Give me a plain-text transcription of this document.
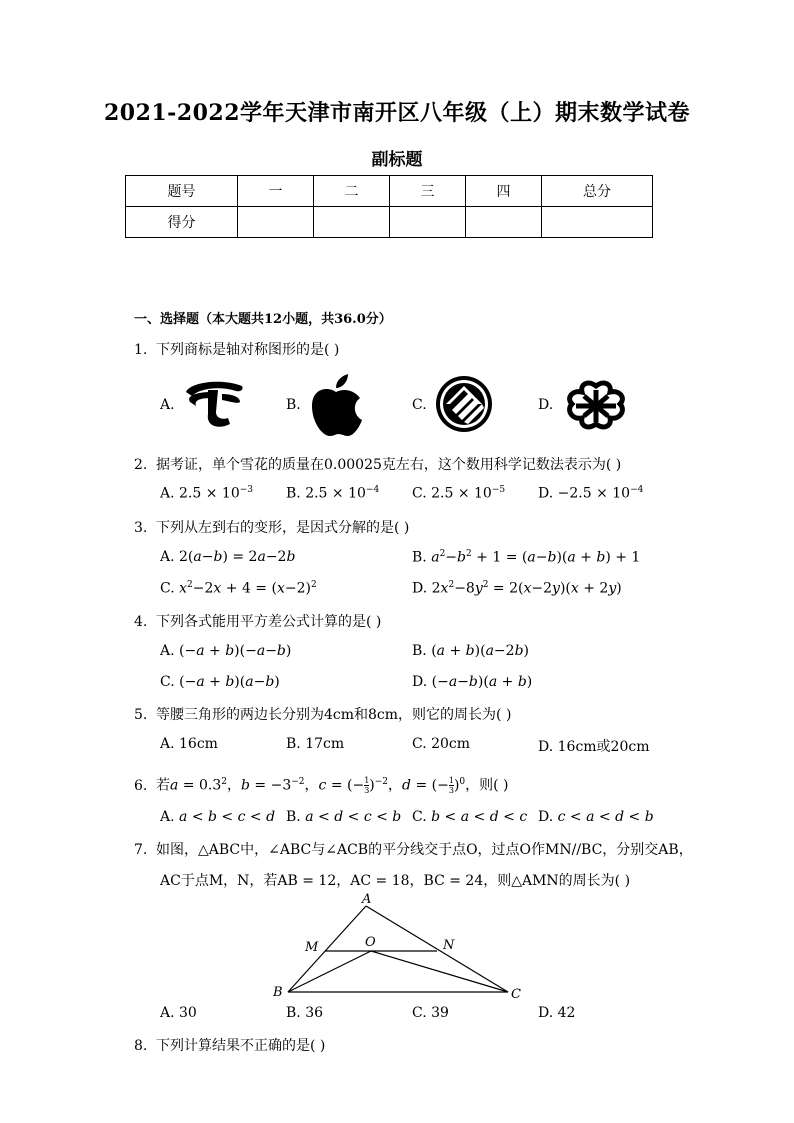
2021-2022学年天津市南开区八年级（上）期末数学试卷
副标题
题号	一	二	三	四	总分
得分					
一、选择题（本大题共12小题，共36.0分）
1. 下列商标是轴对称图形的是( )
A.	B.	C.	D.
2. 据考证，单个雪花的质量在0.00025克左右，这个数用科学记数法表示为( )
A. $2.5 \times 10^{-3}$ B. $2.5 \times 10^{-4}$ C. $2.5 \times 10^{-5}$ D. $-2.5 \times 10^{-4}$
3. 下列从左到右的变形，是因式分解的是( )
A. 2(a−b) = 2a−2b	B. $a^2-b^2 + 1 = (a-b)(a + b) + 1$
C. $x^2-2x + 4 = (x-2)^2$	D. $2x^2-8y^2 = 2(x-2y)(x + 2y)$
4. 下列各式能用平方差公式计算的是( )
A. (−a + b)(−a−b)	B. (a + b)(a−2b)
C. (−a + b)(a−b)	D. (−a−b)(a + b)
5. 等腰三角形的两边长分别为4cm和8cm，则它的周长为( )
A. 16cm	B. 17cm	C. 20cm	D. 16cm或20cm
6. 若$a = 0.3^2$，$b = -3^{-2}$，c = (− $\frac{1}{3} )^{-2}$，d = (− $\frac{1}{3} )^0$，则( )
A. a < b < c < d B. a < d < c < b C. b < a < d < c D. c < a < d < b
7. 如图，△ABC中，∠ABC与∠ACB的平分线交于点O，过点O作MN//BC，分别交AB，
AC于点M，N，若AB = 12，AC = 18，BC = 24，则△AMN的周长为( )
A
B	C
M	N
O
A. 30	B. 36	C. 39	D. 42
8. 下列计算结果不正确的是( )
